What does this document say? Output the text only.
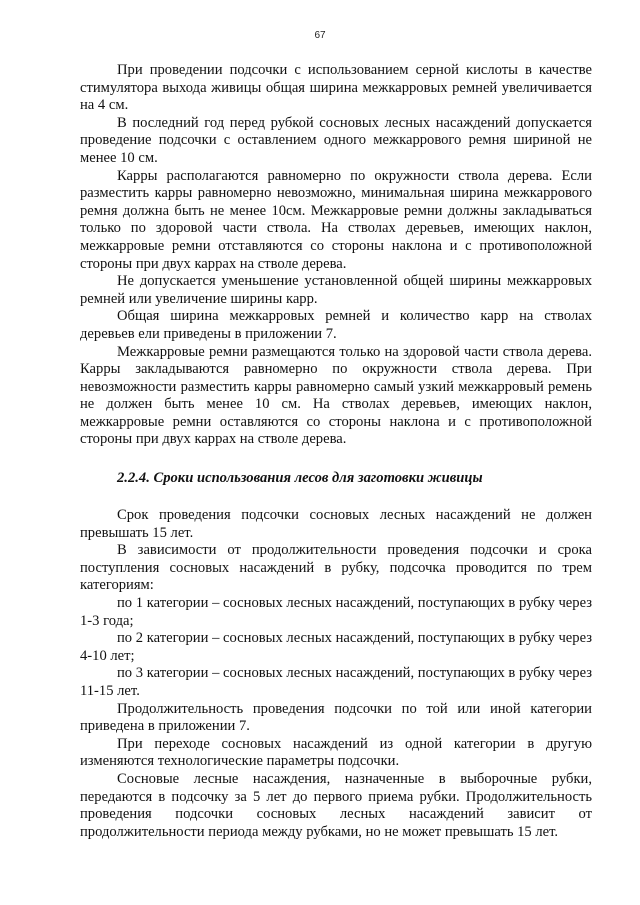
67

При проведении подсочки с использованием серной кислоты в качестве стимулятора выхода живицы общая ширина межкарровых ремней увеличивается на 4 см.

В последний год перед рубкой сосновых лесных насаждений допускается проведение подсочки с оставлением одного межкаррового ремня шириной не менее 10 см.

Карры располагаются равномерно по окружности ствола дерева. Если разместить карры равномерно невозможно, минимальная ширина межкаррового ремня должна быть не менее 10см. Межкарровые ремни должны закладываться только по здоровой части ствола. На стволах деревьев, имеющих наклон, межкарровые ремни отставляются со стороны наклона и с противоположной стороны при двух каррах на стволе дерева.

Не допускается уменьшение установленной общей ширины межкарровых ремней или увеличение ширины карр.

Общая ширина межкарровых ремней и количество карр на стволах деревьев ели приведены в приложении 7.

Межкарровые ремни размещаются только на здоровой части ствола дерева. Карры закладываются равномерно по окружности ствола дерева. При невозможности разместить карры равномерно самый узкий межкарровый ремень не должен быть менее 10 см. На стволах деревьев, имеющих наклон, межкарровые ремни оставляются со стороны наклона и с противоположной стороны при двух каррах на стволе дерева.

2.2.4. Сроки использования лесов для заготовки живицы

Срок проведения подсочки сосновых лесных насаждений не должен превышать 15 лет.

В зависимости от продолжительности проведения подсочки и срока поступления сосновых насаждений в рубку, подсочка проводится по трем категориям:

по 1 категории – сосновых лесных насаждений, поступающих в рубку через 1-3 года;

по 2 категории – сосновых лесных насаждений, поступающих в рубку через 4-10 лет;

по 3 категории – сосновых лесных насаждений, поступающих в рубку через 11-15 лет.

Продолжительность проведения подсочки по той или иной категории приведена в приложении 7.

При переходе сосновых насаждений из одной категории в другую изменяются технологические параметры подсочки.

Сосновые лесные насаждения, назначенные в выборочные рубки, передаются в подсочку за 5 лет до первого приема рубки. Продолжительность проведения подсочки сосновых лесных насаждений зависит от продолжительности периода между рубками, но не может превышать 15 лет.
